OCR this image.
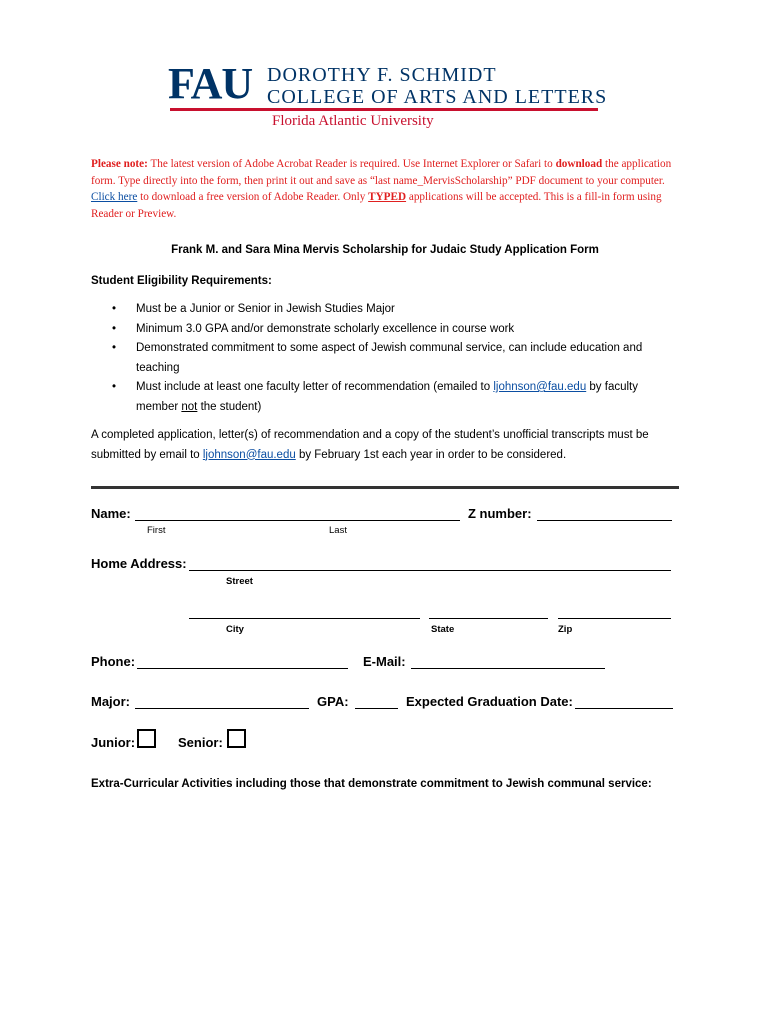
FAU DOROTHY F. SCHMIDT
COLLEGE OF ARTS AND LETTERS
Florida Atlantic University
Please note: The latest version of Adobe Acrobat Reader is required. Use Internet Explorer or Safari to download the application form. Type directly into the form, then print it out and save as “last name_MervisScholarship” PDF document to your computer. Click here to download a free version of Adobe Reader. Only TYPED applications will be accepted. This is a fill-in form using Reader or Preview.
Frank M. and Sara Mina Mervis Scholarship for Judaic Study Application Form
Student Eligibility Requirements:
• Must be a Junior or Senior in Jewish Studies Major
• Minimum 3.0 GPA and/or demonstrate scholarly excellence in course work
• Demonstrated commitment to some aspect of Jewish communal service, can include education and teaching
• Must include at least one faculty letter of recommendation (emailed to ljohnson@fau.edu by faculty member not the student)
A completed application, letter(s) of recommendation and a copy of the student’s unofficial transcripts must be submitted by email to ljohnson@fau.edu by February 1st each year in order to be considered.
Name:
First	Last
Z number:
Home Address:
Street
City	State	Zip
Phone:	E-Mail:
Major:	GPA:	Expected Graduation Date:
Junior:	Senior:
Extra-Curricular Activities including those that demonstrate commitment to Jewish communal service:
